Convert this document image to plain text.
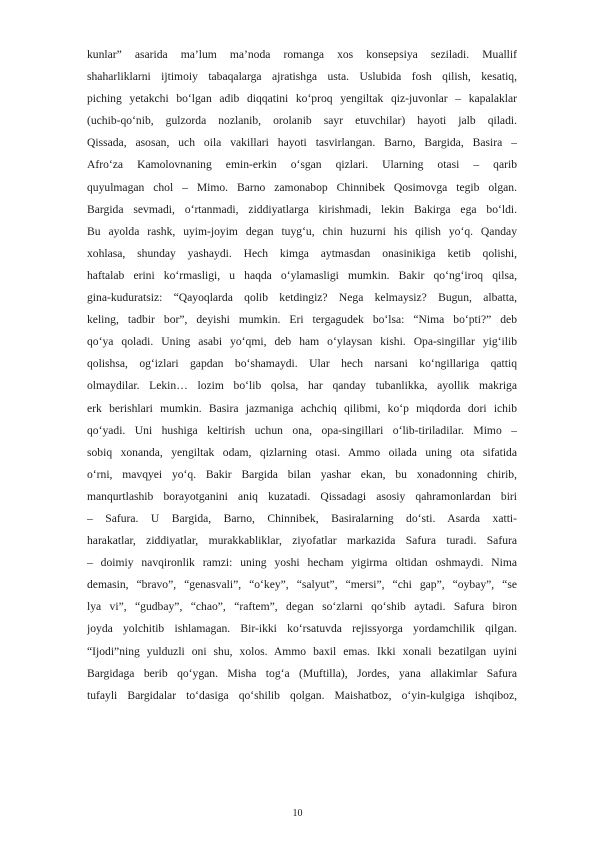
kunlar” asarida ma’lum ma’noda romanga xos konsepsiya seziladi. Muallif
shaharliklarni ijtimoiy tabaqalarga ajratishga usta. Uslubida fosh qilish, kesatiq,
piching yetakchi bo‘lgan adib diqqatini ko‘proq yengiltak qiz-juvonlar – kapalaklar
(uchib-qo‘nib, gulzorda nozlanib, orolanib sayr etuvchilar) hayoti jalb qiladi.
Qissada, asosan, uch oila vakillari hayoti tasvirlangan. Barno, Bargida, Basira –
Afro‘za Kamolovnaning emin-erkin o‘sgan qizlari. Ularning otasi – qarib
quyulmagan chol – Mimo. Barno zamonabop Chinnibek Qosimovga tegib olgan.
Bargida sevmadi, o‘rtanmadi, ziddiyatlarga kirishmadi, lekin Bakirga ega bo‘ldi.
Bu ayolda rashk, uyim-joyim degan tuyg‘u, chin huzurni his qilish yo‘q. Qanday
xohlasa, shunday yashaydi. Hech kimga aytmasdan onasinikiga ketib qolishi,
haftalab erini ko‘rmasligi, u haqda o‘ylamasligi mumkin. Bakir qo‘ng‘iroq qilsa,
gina-kuduratsiz: “Qayoqlarda qolib ketdingiz? Nega kelmaysiz? Bugun, albatta,
keling, tadbir bor”, deyishi mumkin. Eri tergagudek bo‘lsa: “Nima bo‘pti?” deb
qo‘ya qoladi. Uning asabi yo‘qmi, deb ham o‘ylaysan kishi. Opa-singillar yig‘ilib
qolishsa, og‘izlari gapdan bo‘shamaydi. Ular hech narsani ko‘ngillariga qattiq
olmaydilar. Lekin… lozim bo‘lib qolsa, har qanday tubanlikka, ayollik makriga
erk berishlari mumkin. Basira jazmaniga achchiq qilibmi, ko‘p miqdorda dori ichib
qo‘yadi. Uni hushiga keltirish uchun ona, opa-singillari o‘lib-tiriladilar. Mimo –
sobiq xonanda, yengiltak odam, qizlarning otasi. Ammo oilada uning ota sifatida
o‘rni, mavqyei yo‘q. Bakir Bargida bilan yashar ekan, bu xonadonning chirib,
manqurtlashib borayotganini aniq kuzatadi. Qissadagi asosiy qahramonlardan biri
– Safura. U Bargida, Barno, Chinnibek, Basiralarning do‘sti. Asarda xatti-
harakatlar, ziddiyatlar, murakkabliklar, ziyofatlar markazida Safura turadi. Safura
– doimiy navqironlik ramzi: uning yoshi hecham yigirma oltidan oshmaydi. Nima
demasin, “bravo”, “genasvali”, “o‘key”, “salyut”, “mersi”, “chi gap”, “oybay”, “se
lya vi”, “gudbay”, “chao”, “raftem”, degan so‘zlarni qo‘shib aytadi. Safura biron
joyda yolchitib ishlamagan. Bir-ikki ko‘rsatuvda rejissyorga yordamchilik qilgan.
“Ijodi”ning yulduzli oni shu, xolos. Ammo baxil emas. Ikki xonali bezatilgan uyini
Bargidaga berib qo‘ygan. Misha tog‘a (Muftilla), Jordes, yana allakimlar Safura
tufayli Bargidalar to‘dasiga qo‘shilib qolgan. Maishatboz, o‘yin-kulgiga ishqiboz,
10
